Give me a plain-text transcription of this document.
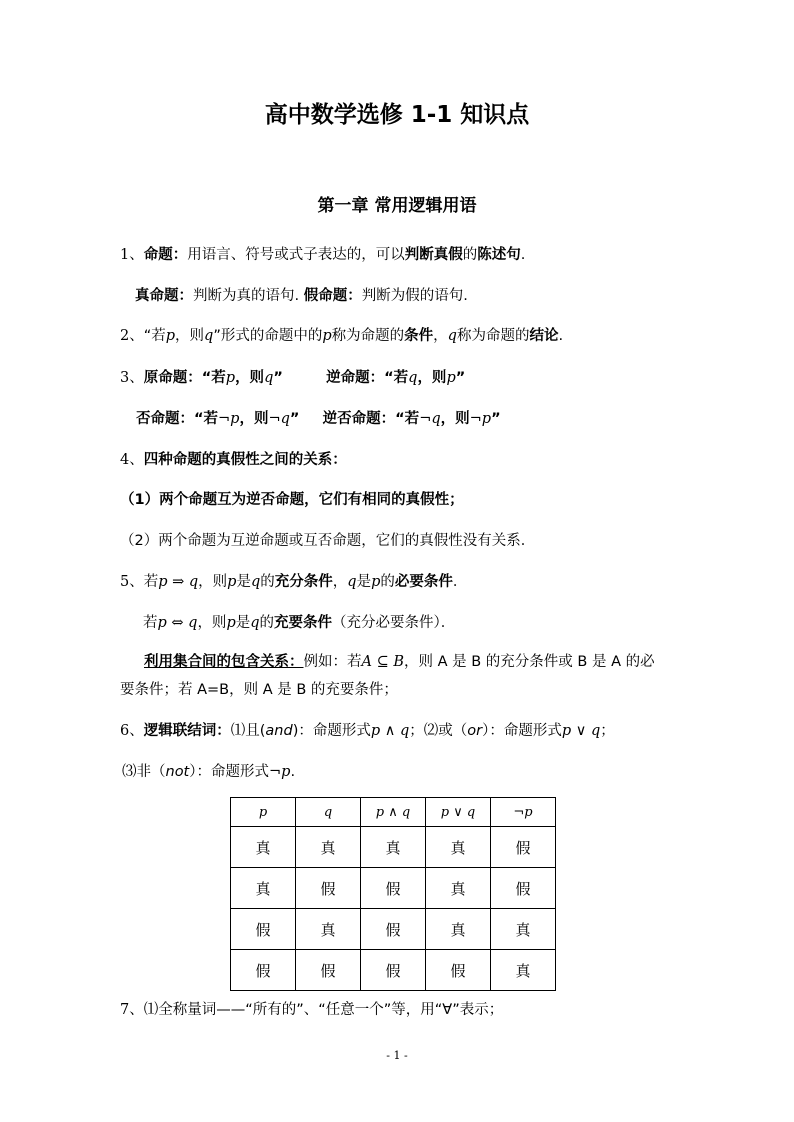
高中数学选修 1-1 知识点
第一章 常用逻辑用语
1、命题：用语言、符号或式子表达的，可以判断真假的陈述句.
真命题：判断为真的语句. 假命题：判断为假的语句.
2、“若p，则q”形式的命题中的p称为命题的条件，q称为命题的结论.
3、原命题：“若p，则q”	逆命题：“若q，则p”
否命题：“若¬p，则¬q” 逆否命题：“若¬q，则¬p”
4、四种命题的真假性之间的关系：
（1）两个命题互为逆否命题，它们有相同的真假性；
（2）两个命题为互逆命题或互否命题，它们的真假性没有关系．
5、若p ⇒ q，则p是q的充分条件，q是p的必要条件．
若p ⇔ q，则p是q的充要条件（充分必要条件）．
利用集合间的包含关系：例如：若A ⊆ B，则 A 是 B 的充分条件或 B 是 A 的必要条件；若 A=B，则 A 是 B 的充要条件；
6、逻辑联结词：⑴且(and)：命题形式p ∧ q；⑵或（or）：命题形式p ∨ q；
⑶非（not）：命题形式¬p.
p	q	p ∧ q	p ∨ q	¬p
真	真	真	真	假
真	假	假	真	假
假	真	假	真	真
假	假	假	假	真
7、⑴全称量词——“所有的”、“任意一个”等，用“∀”表示；
- 1 -
